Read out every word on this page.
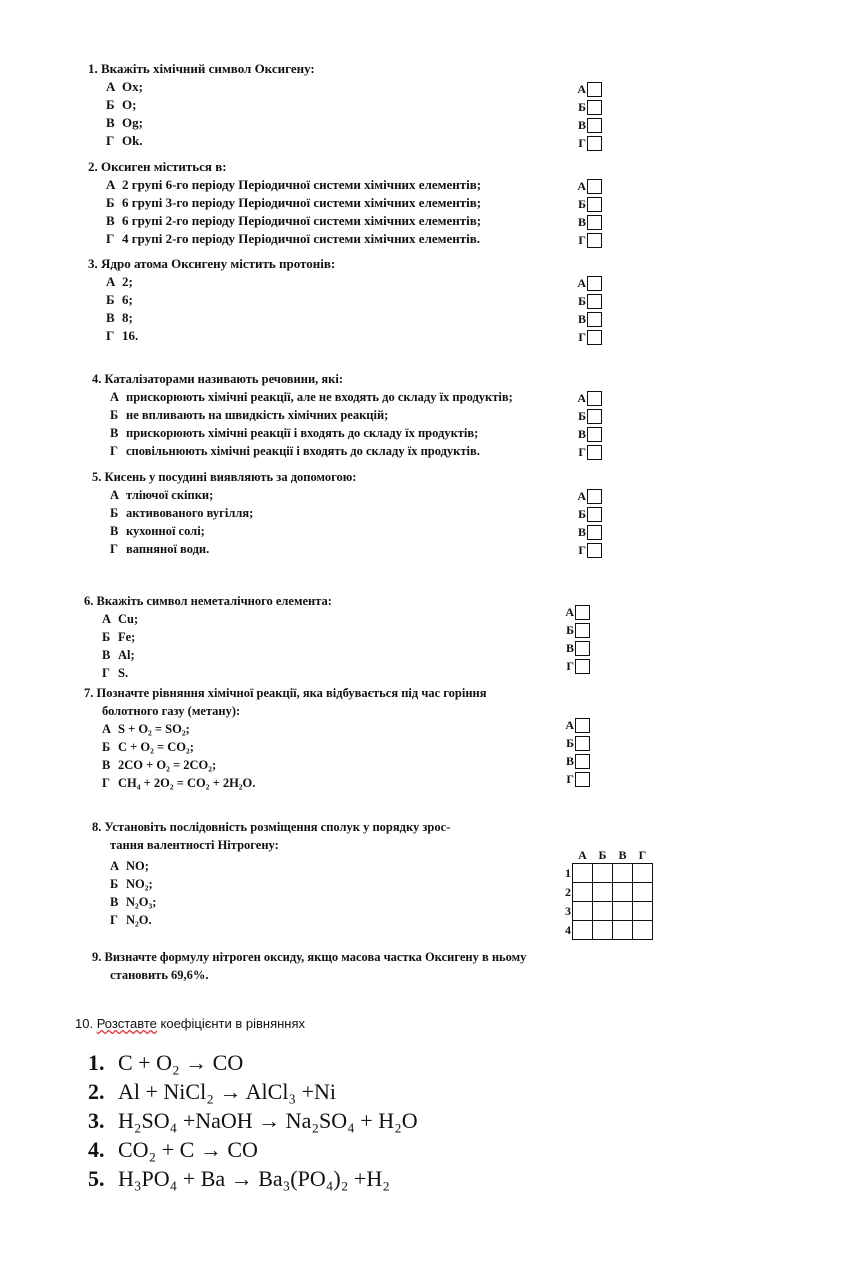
1. Вкажіть хімічний символ Оксигену:
А Ox;
Б O;
В Og;
Г Ok.
А
Б
В
Г
2. Оксиген міститься в:
А 2 групі 6-го періоду Періодичної системи хімічних елементів;
Б 6 групі 3-го періоду Періодичної системи хімічних елементів;
В 6 групі 2-го періоду Періодичної системи хімічних елементів;
Г 4 групі 2-го періоду Періодичної системи хімічних елементів.
А
Б
В
Г
3. Ядро атома Оксигену містить протонів:
А 2;
Б 6;
В 8;
Г 16.
А
Б
В
Г
4. Каталізаторами називають речовини, які:
А прискорюють хімічні реакції, але не входять до складу їх продуктів;
Б не впливають на швидкість хімічних реакцій;
В прискорюють хімічні реакції і входять до складу їх продуктів;
Г сповільнюють хімічні реакції і входять до складу їх продуктів.
А
Б
В
Г
5. Кисень у посудині виявляють за допомогою:
А тліючої скіпки;
Б активованого вугілля;
В кухонної солі;
Г вапняної води.
А
Б
В
Г
6. Вкажіть символ неметалічного елемента:
А Cu;
Б Fe;
В Al;
Г S.
А
Б
В
Г
7. Позначте рівняння хімічної реакції, яка відбувається під час горіння
болотного газу (метану):
А S + O₂ = SO₂;
Б C + O₂ = CO₂;
В 2CO + O₂ = 2CO₂;
Г CH₄ + 2O₂ = CO₂ + 2H₂O.
А
Б
В
Г
8. Установіть послідовність розміщення сполук у порядку зрос-
тання валентності Нітрогену:
А NO;
Б NO₂;
В N₂O₃;
Г N₂O.
	А	Б	В	Г
1				
2				
3				
4				
9. Визначте формулу нітроген оксиду, якщо масова частка Оксигену в ньому
становить 69,6%.
10. Розставте коефіцієнти в рівняннях
1. C + O₂ → CO
2. Al + NiCl₂ → AlCl₃ +Ni
3. H₂SO₄ +NaOH → Na₂SO₄ + H₂O
4. CO₂ + C → CO
5. H₃PO₄ + Ba → Ba₃(PO₄)₂ +H₂
